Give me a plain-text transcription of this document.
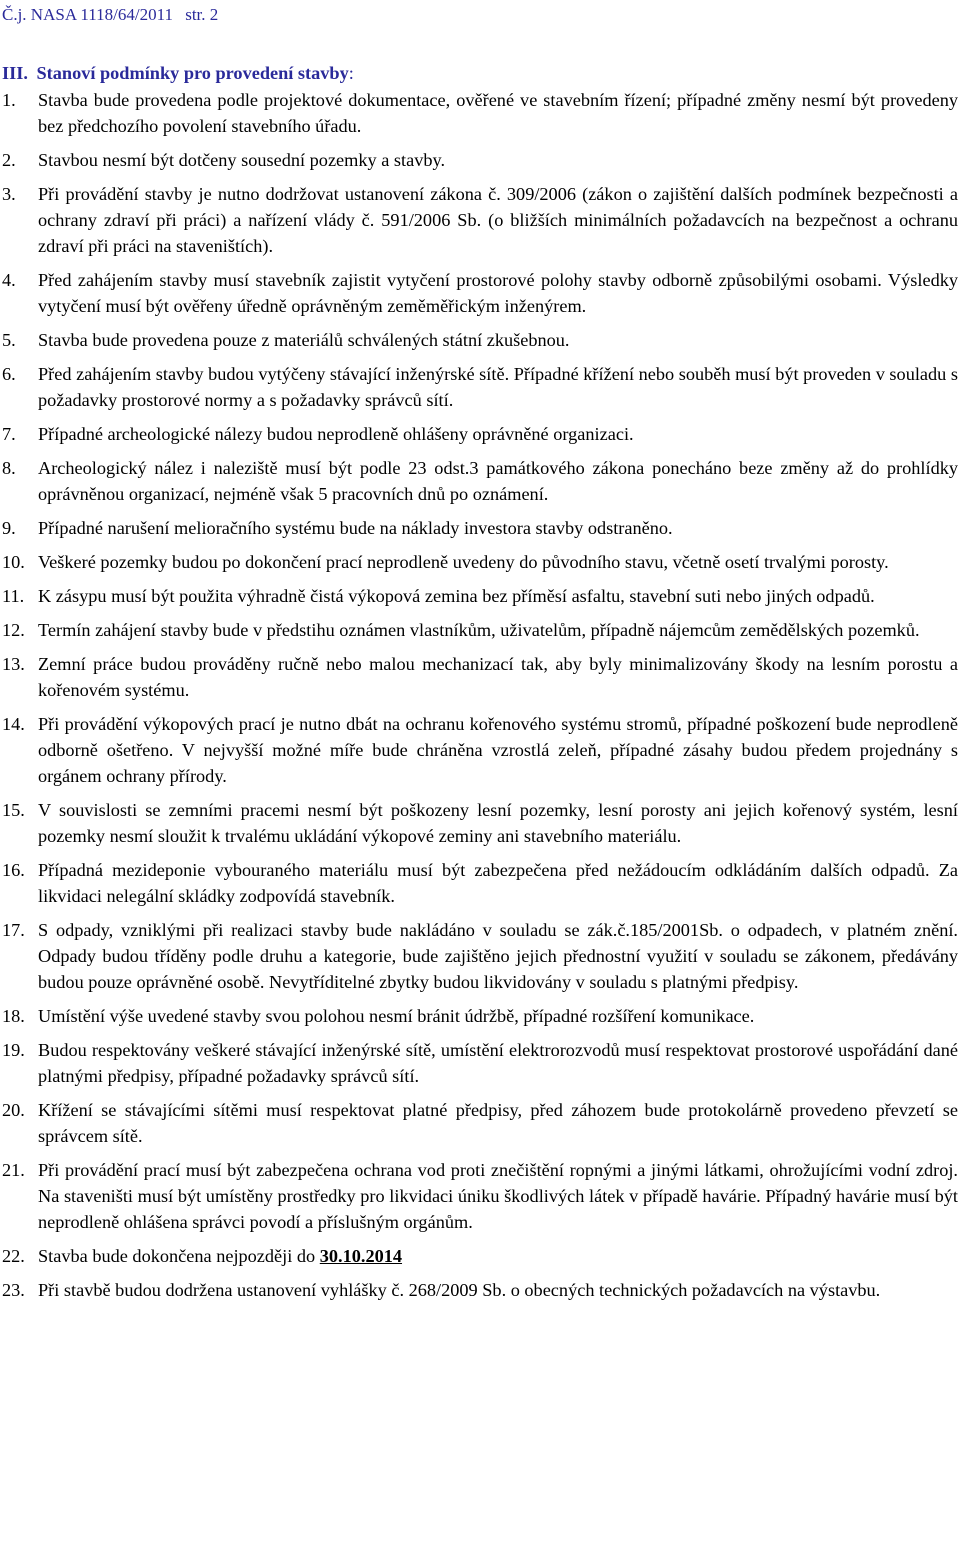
Č.j. NASA 1118/64/2011 str. 2
III. Stanoví podmínky pro provedení stavby:
1. Stavba bude provedena podle projektové dokumentace, ověřené ve stavebním řízení; případné změny nesmí být provedeny bez předchozího povolení stavebního úřadu.
2. Stavbou nesmí být dotčeny sousední pozemky a stavby.
3. Při provádění stavby je nutno dodržovat ustanovení zákona č. 309/2006 (zákon o zajištění dalších podmínek bezpečnosti a ochrany zdraví při práci) a nařízení vlády č. 591/2006 Sb. (o bližších minimálních požadavcích na bezpečnost a ochranu zdraví při práci na staveništích).
4. Před zahájením stavby musí stavebník zajistit vytyčení prostorové polohy stavby odborně způsobilými osobami. Výsledky vytyčení musí být ověřeny úředně oprávněným zeměměřickým inženýrem.
5. Stavba bude provedena pouze z materiálů schválených státní zkušebnou.
6. Před zahájením stavby budou vytýčeny stávající inženýrské sítě. Případné křížení nebo souběh musí být proveden v souladu s požadavky prostorové normy a s požadavky správců sítí.
7. Případné archeologické nálezy budou neprodleně ohlášeny oprávněné organizaci.
8. Archeologický nález i naleziště musí být podle 23 odst.3 památkového zákona ponecháno beze změny až do prohlídky oprávněnou organizací, nejméně však 5 pracovních dnů po oznámení.
9. Případné narušení melioračního systému bude na náklady investora stavby odstraněno.
10. Veškeré pozemky budou po dokončení prací neprodleně uvedeny do původního stavu, včetně osetí trvalými porosty.
11. K zásypu musí být použita výhradně čistá výkopová zemina bez příměsí asfaltu, stavební suti nebo jiných odpadů.
12. Termín zahájení stavby bude v předstihu oznámen vlastníkům, uživatelům, případně nájemcům zemědělských pozemků.
13. Zemní práce budou prováděny ručně nebo malou mechanizací tak, aby byly minimalizovány škody na lesním porostu a kořenovém systému.
14. Při provádění výkopových prací je nutno dbát na ochranu kořenového systému stromů, případné poškození bude neprodleně odborně ošetřeno. V nejvyšší možné míře bude chráněna vzrostlá zeleň, případné zásahy budou předem projednány s orgánem ochrany přírody.
15. V souvislosti se zemními pracemi nesmí být poškozeny lesní pozemky, lesní porosty ani jejich kořenový systém, lesní pozemky nesmí sloužit k trvalému ukládání výkopové zeminy ani stavebního materiálu.
16. Případná mezideponie vybouraného materiálu musí být zabezpečena před nežádoucím odkládáním dalších odpadů. Za likvidaci nelegální skládky zodpovídá stavebník.
17. S odpady, vzniklými při realizaci stavby bude nakládáno v souladu se zák.č.185/2001Sb. o odpadech, v platném znění. Odpady budou tříděny podle druhu a kategorie, bude zajištěno jejich přednostní využití v souladu se zákonem, předávány budou pouze oprávněné osobě. Nevytříditelné zbytky budou likvidovány v souladu s platnými předpisy.
18. Umístění výše uvedené stavby svou polohou nesmí bránit údržbě, případné rozšíření komunikace.
19. Budou respektovány veškeré stávající inženýrské sítě, umístění elektrorozvodů musí respektovat prostorové uspořádání dané platnými předpisy, případné požadavky správců sítí.
20. Křížení se stávajícími sítěmi musí respektovat platné předpisy, před záhozem bude protokolárně provedeno převzetí se správcem sítě.
21. Při provádění prací musí být zabezpečena ochrana vod proti znečištění ropnými a jinými látkami, ohrožujícími vodní zdroj. Na staveništi musí být umístěny prostředky pro likvidaci úniku škodlivých látek v případě havárie. Případný havárie musí být neprodleně ohlášena správci povodí a příslušným orgánům.
22. Stavba bude dokončena nejpozději do 30.10.2014
23. Při stavbě budou dodržena ustanovení vyhlášky č. 268/2009 Sb. o obecných technických požadavcích na výstavbu.
